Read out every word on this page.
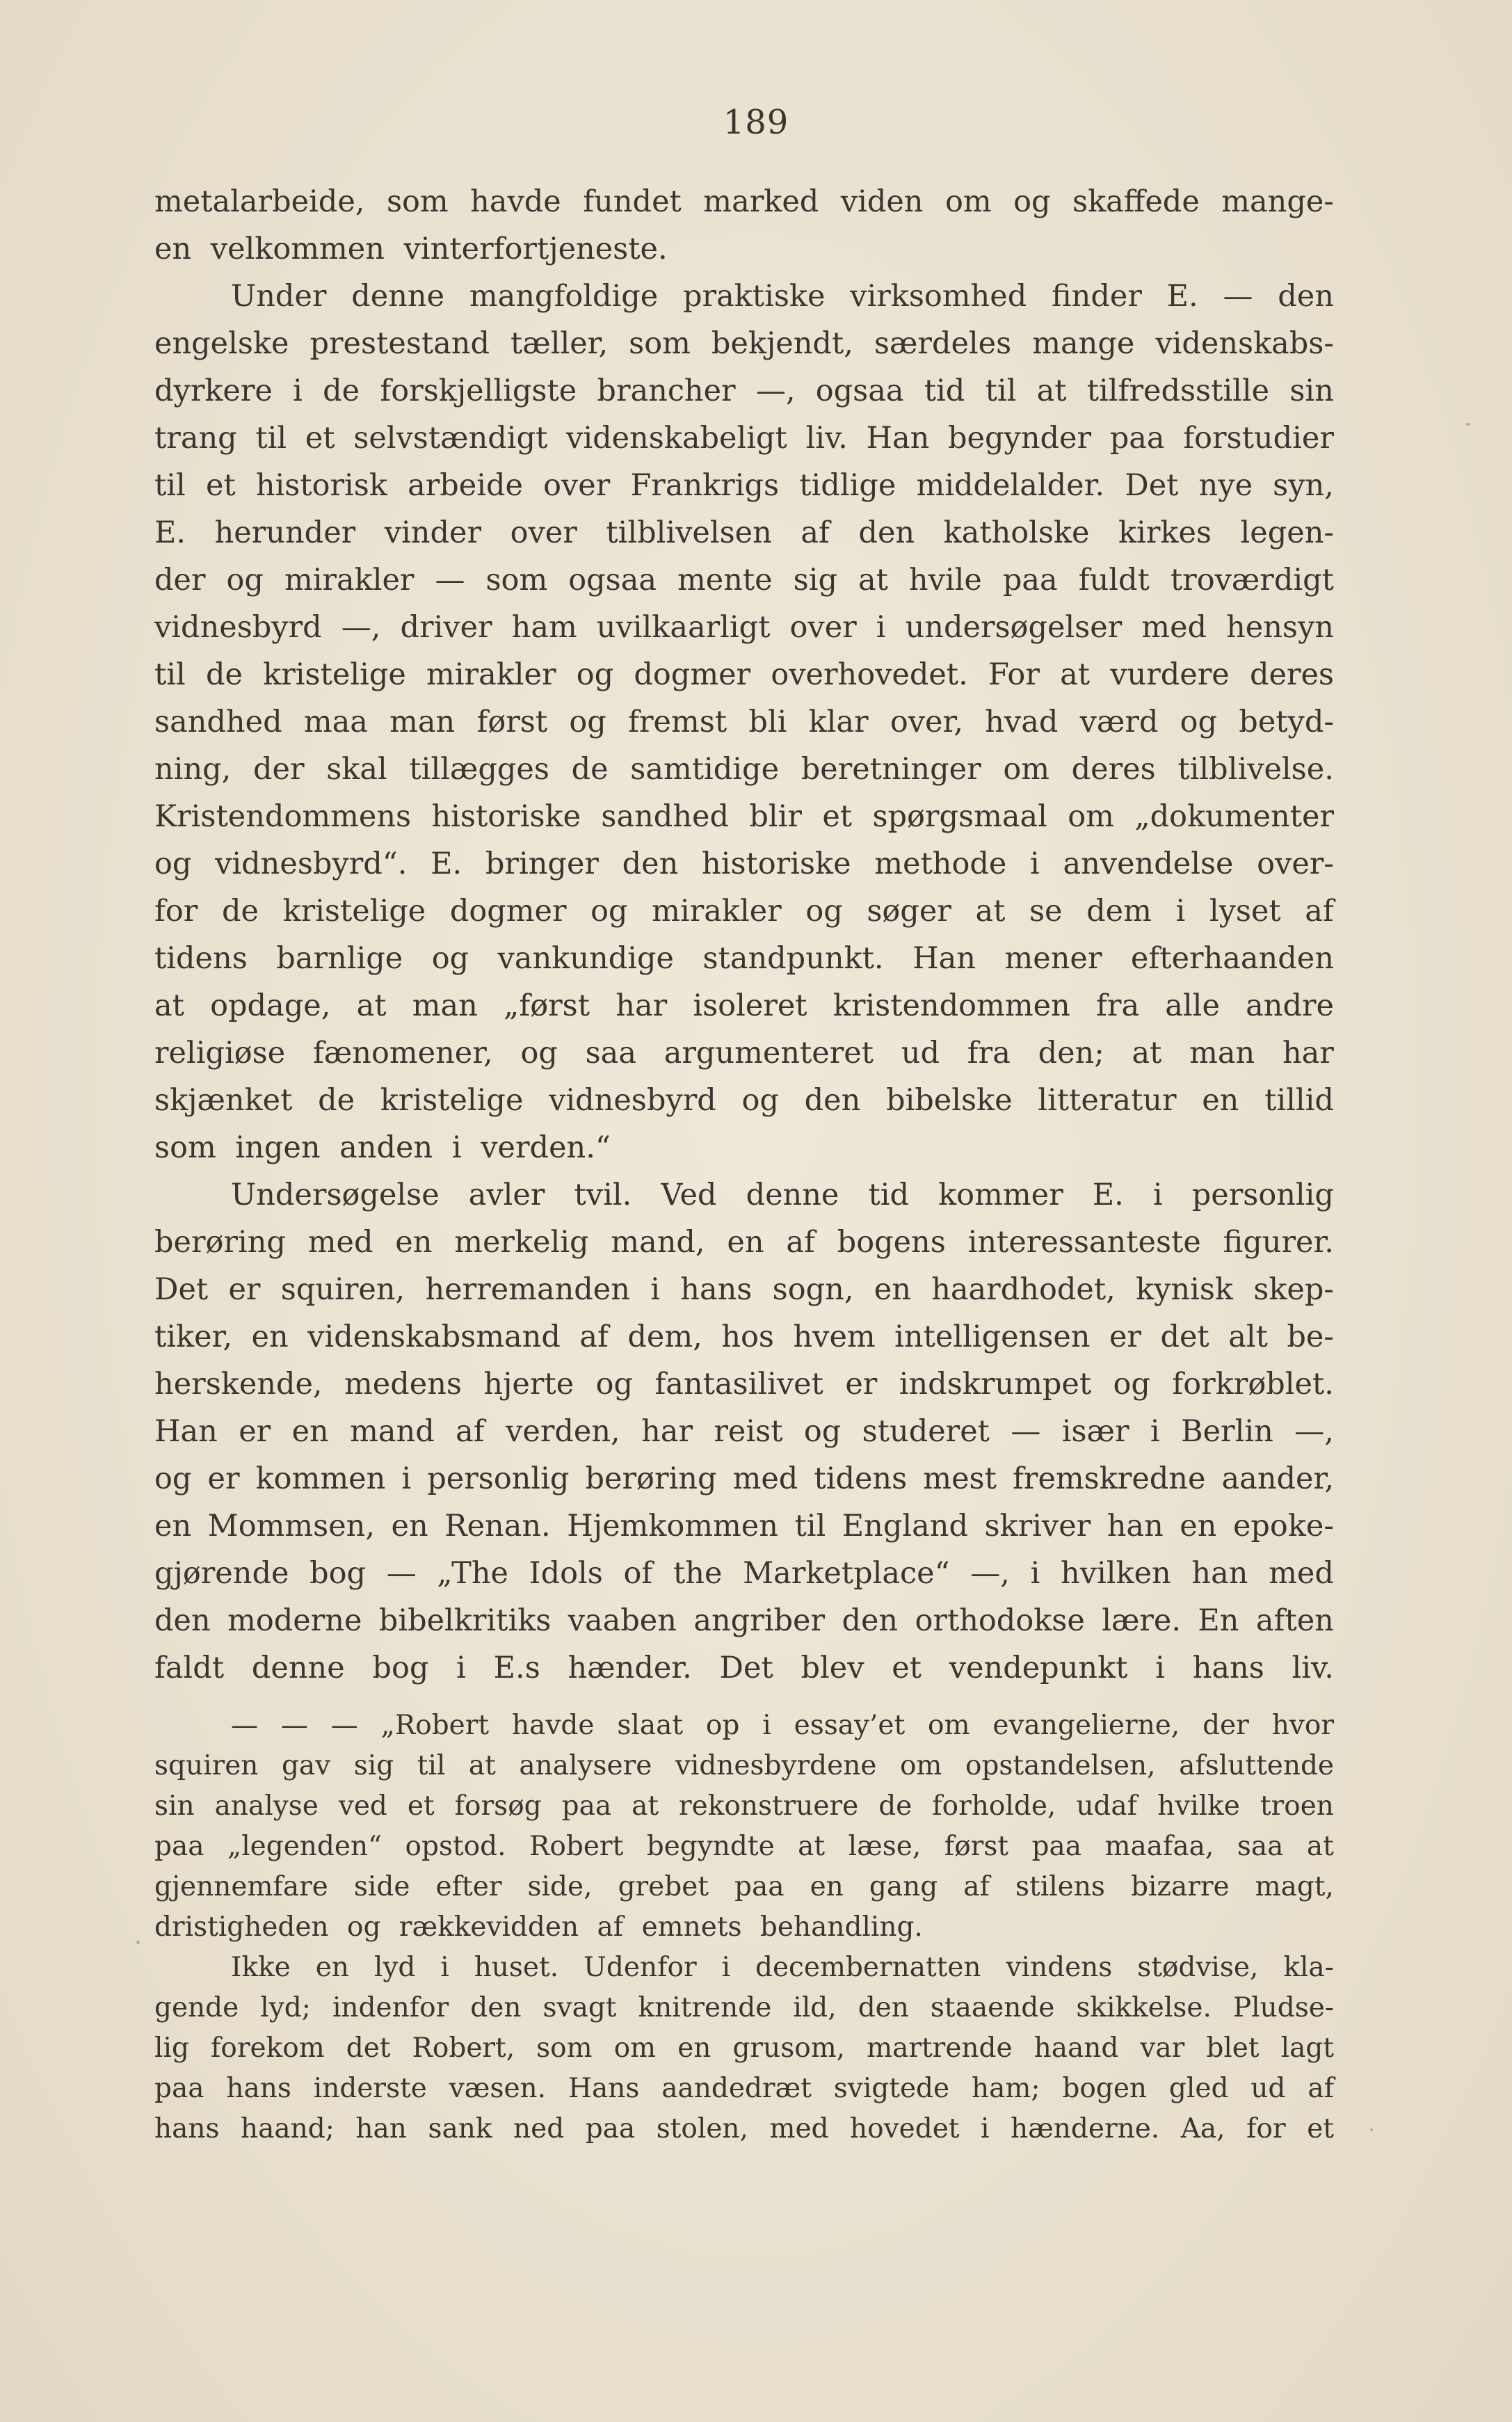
189
metalarbeide, som havde fundet marked viden om og skaffede mange-
en velkommen vinterfortjeneste.
Under denne mangfoldige praktiske virksomhed finder E. — den
engelske prestestand tæller, som bekjendt, særdeles mange videnskabs-
dyrkere i de forskjelligste brancher —, ogsaa tid til at tilfredsstille sin
trang til et selvstændigt videnskabeligt liv. Han begynder paa forstudier
til et historisk arbeide over Frankrigs tidlige middelalder. Det nye syn,
E. herunder vinder over tilblivelsen af den katholske kirkes legen-
der og mirakler — som ogsaa mente sig at hvile paa fuldt troværdigt
vidnesbyrd —, driver ham uvilkaarligt over i undersøgelser med hensyn
til de kristelige mirakler og dogmer overhovedet. For at vurdere deres
sandhed maa man først og fremst bli klar over, hvad værd og betyd-
ning, der skal tillægges de samtidige beretninger om deres tilblivelse.
Kristendommens historiske sandhed blir et spørgsmaal om „dokumenter
og vidnesbyrd“. E. bringer den historiske methode i anvendelse over-
for de kristelige dogmer og mirakler og søger at se dem i lyset af
tidens barnlige og vankundige standpunkt. Han mener efterhaanden
at opdage, at man „først har isoleret kristendommen fra alle andre
religiøse fænomener, og saa argumenteret ud fra den; at man har
skjænket de kristelige vidnesbyrd og den bibelske litteratur en tillid
som ingen anden i verden.“
Undersøgelse avler tvil. Ved denne tid kommer E. i personlig
berøring med en merkelig mand, en af bogens interessanteste figurer.
Det er squiren, herremanden i hans sogn, en haardhodet, kynisk skep-
tiker, en videnskabsmand af dem, hos hvem intelligensen er det alt be-
herskende, medens hjerte og fantasilivet er indskrumpet og forkrøblet.
Han er en mand af verden, har reist og studeret — især i Berlin —,
og er kommen i personlig berøring med tidens mest fremskredne aander,
en Mommsen, en Renan. Hjemkommen til England skriver han en epoke-
gjørende bog — „The Idols of the Marketplace“ —, i hvilken han med
den moderne bibelkritiks vaaben angriber den orthodokse lære. En aften
faldt denne bog i E.s hænder. Det blev et vendepunkt i hans liv.
— — — „Robert havde slaat op i essay’et om evangelierne, der hvor
squiren gav sig til at analysere vidnesbyrdene om opstandelsen, afsluttende
sin analyse ved et forsøg paa at rekonstruere de forholde, udaf hvilke troen
paa „legenden“ opstod. Robert begyndte at læse, først paa maafaa, saa at
gjennemfare side efter side, grebet paa en gang af stilens bizarre magt,
dristigheden og rækkevidden af emnets behandling.
Ikke en lyd i huset. Udenfor i decembernatten vindens stødvise, kla-
gende lyd; indenfor den svagt knitrende ild, den staaende skikkelse. Pludse-
lig forekom det Robert, som om en grusom, martrende haand var blet lagt
paa hans inderste væsen. Hans aandedræt svigtede ham; bogen gled ud af
hans haand; han sank ned paa stolen, med hovedet i hænderne. Aa, for et
